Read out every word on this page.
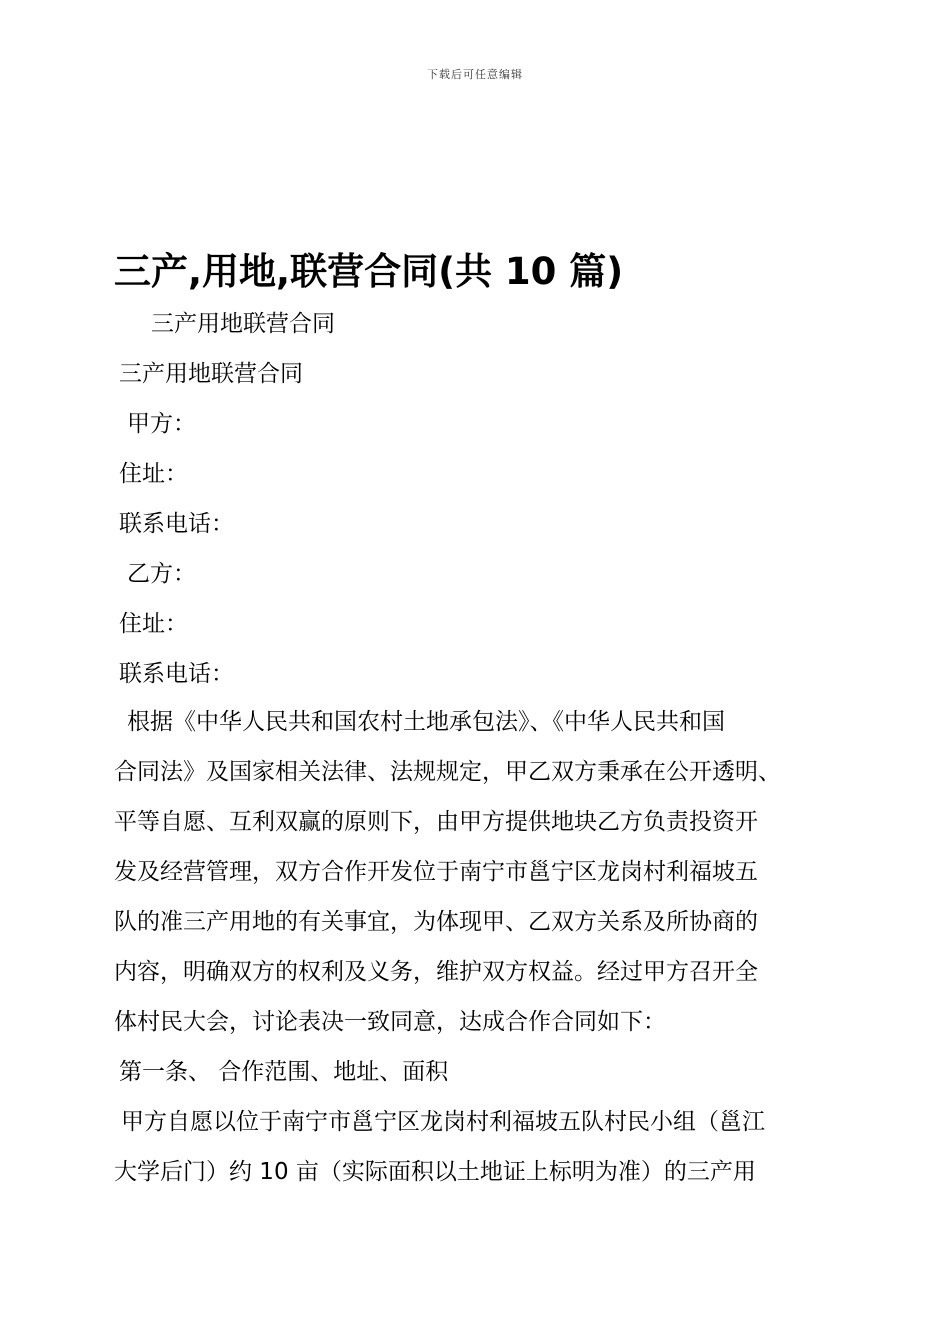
下载后可任意编辑
三产,用地,联营合同(共 10 篇)

三产用地联营合同

三产用地联营合同

甲方：

住址：

联系电话：

乙方：

住址：

联系电话：

根据《中华人民共和国农村土地承包法》、《中华人民共和国

合同法》及国家相关法律、法规规定，甲乙双方秉承在公开透明、

平等自愿、互利双赢的原则下，由甲方提供地块乙方负责投资开

发及经营管理，双方合作开发位于南宁市邕宁区龙岗村利福坡五

队的准三产用地的有关事宜，为体现甲、乙双方关系及所协商的

内容，明确双方的权利及义务，维护双方权益。经过甲方召开全

体村民大会，讨论表决一致同意，达成合作合同如下：

第一条、 合作范围、地址、面积

甲方自愿以位于南宁市邕宁区龙岗村利福坡五队村民小组（邕江

大学后门）约 10 亩（实际面积以土地证上标明为准）的三产用
